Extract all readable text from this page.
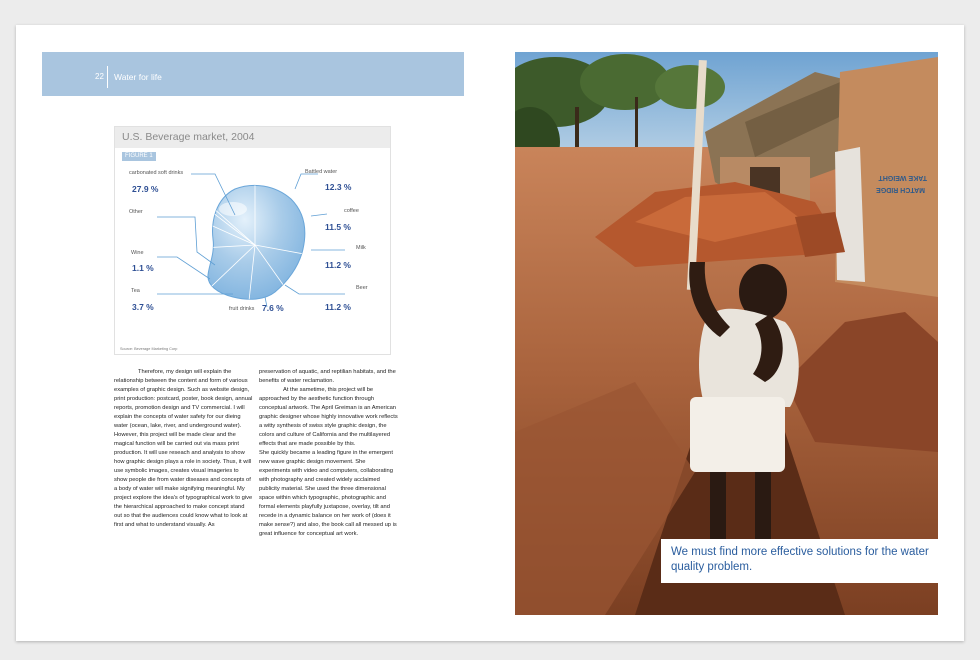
22 Water for life
U.S. Beverage market, 2004
FIGURE 1
carbonated soft drinks
27.9 %
Battled water
12.3 %
Other	coffee
11.5 %
Milk
11.2 %
Wine
1.1 %
Tea
3.7 %
Beer
11.2 %
fruit drinks 7.6 %
Source: Beverage Marketing Corp

Therefore, my design will explain the relationship between the content and form of various examples of graphic design. Such as website design, print production: postcard, poster, book design, annual reports, promotion design and TV commercial. I will explain the concepts of water safety for our dieing water (ocean, lake, river, and underground water). However, this project will be made clear and the magical function will be carried out via mass print production. It will use reseach and analysis to show how graphic design plays a role in society. Thus, it will use symbolic images, creates visual imageries to show people die from water diseases and concepts of a body of water will make signifying meaningful. My project explore the idea's of typographical work to give the hierarchical approached to make concept stand out so that the audiences could know what to look at first and what to understand visually. As

preservation of aquatic, and reptilian habitats, and the benefits of water reclamation.

At the sametime, this project will be approached by the aesthetic function through conceptual artwork. The April Greiman is an American graphic designer whose highly innovative work reflects a witty synthesis of swiss style graphic design, the colors and culture of California and the multilayered effects that are made possible by this.

She quickly became a leading figure in the emergent new wave graphic design movement. She experiments with video and computers, collaborating with photography and created widely acclaimed publicity material. She used the three dimensional space within which typographic, photographic and formal elements playfully juxtapose, overlay, tilt and recede in a dynamic balance on her work of (does it make sense?) and also, the book call all messed up is great influence for conceptual art work.

TAKE WEIGHT
MATCH RIDGE
We must find more effective solutions for the water quality problem.
